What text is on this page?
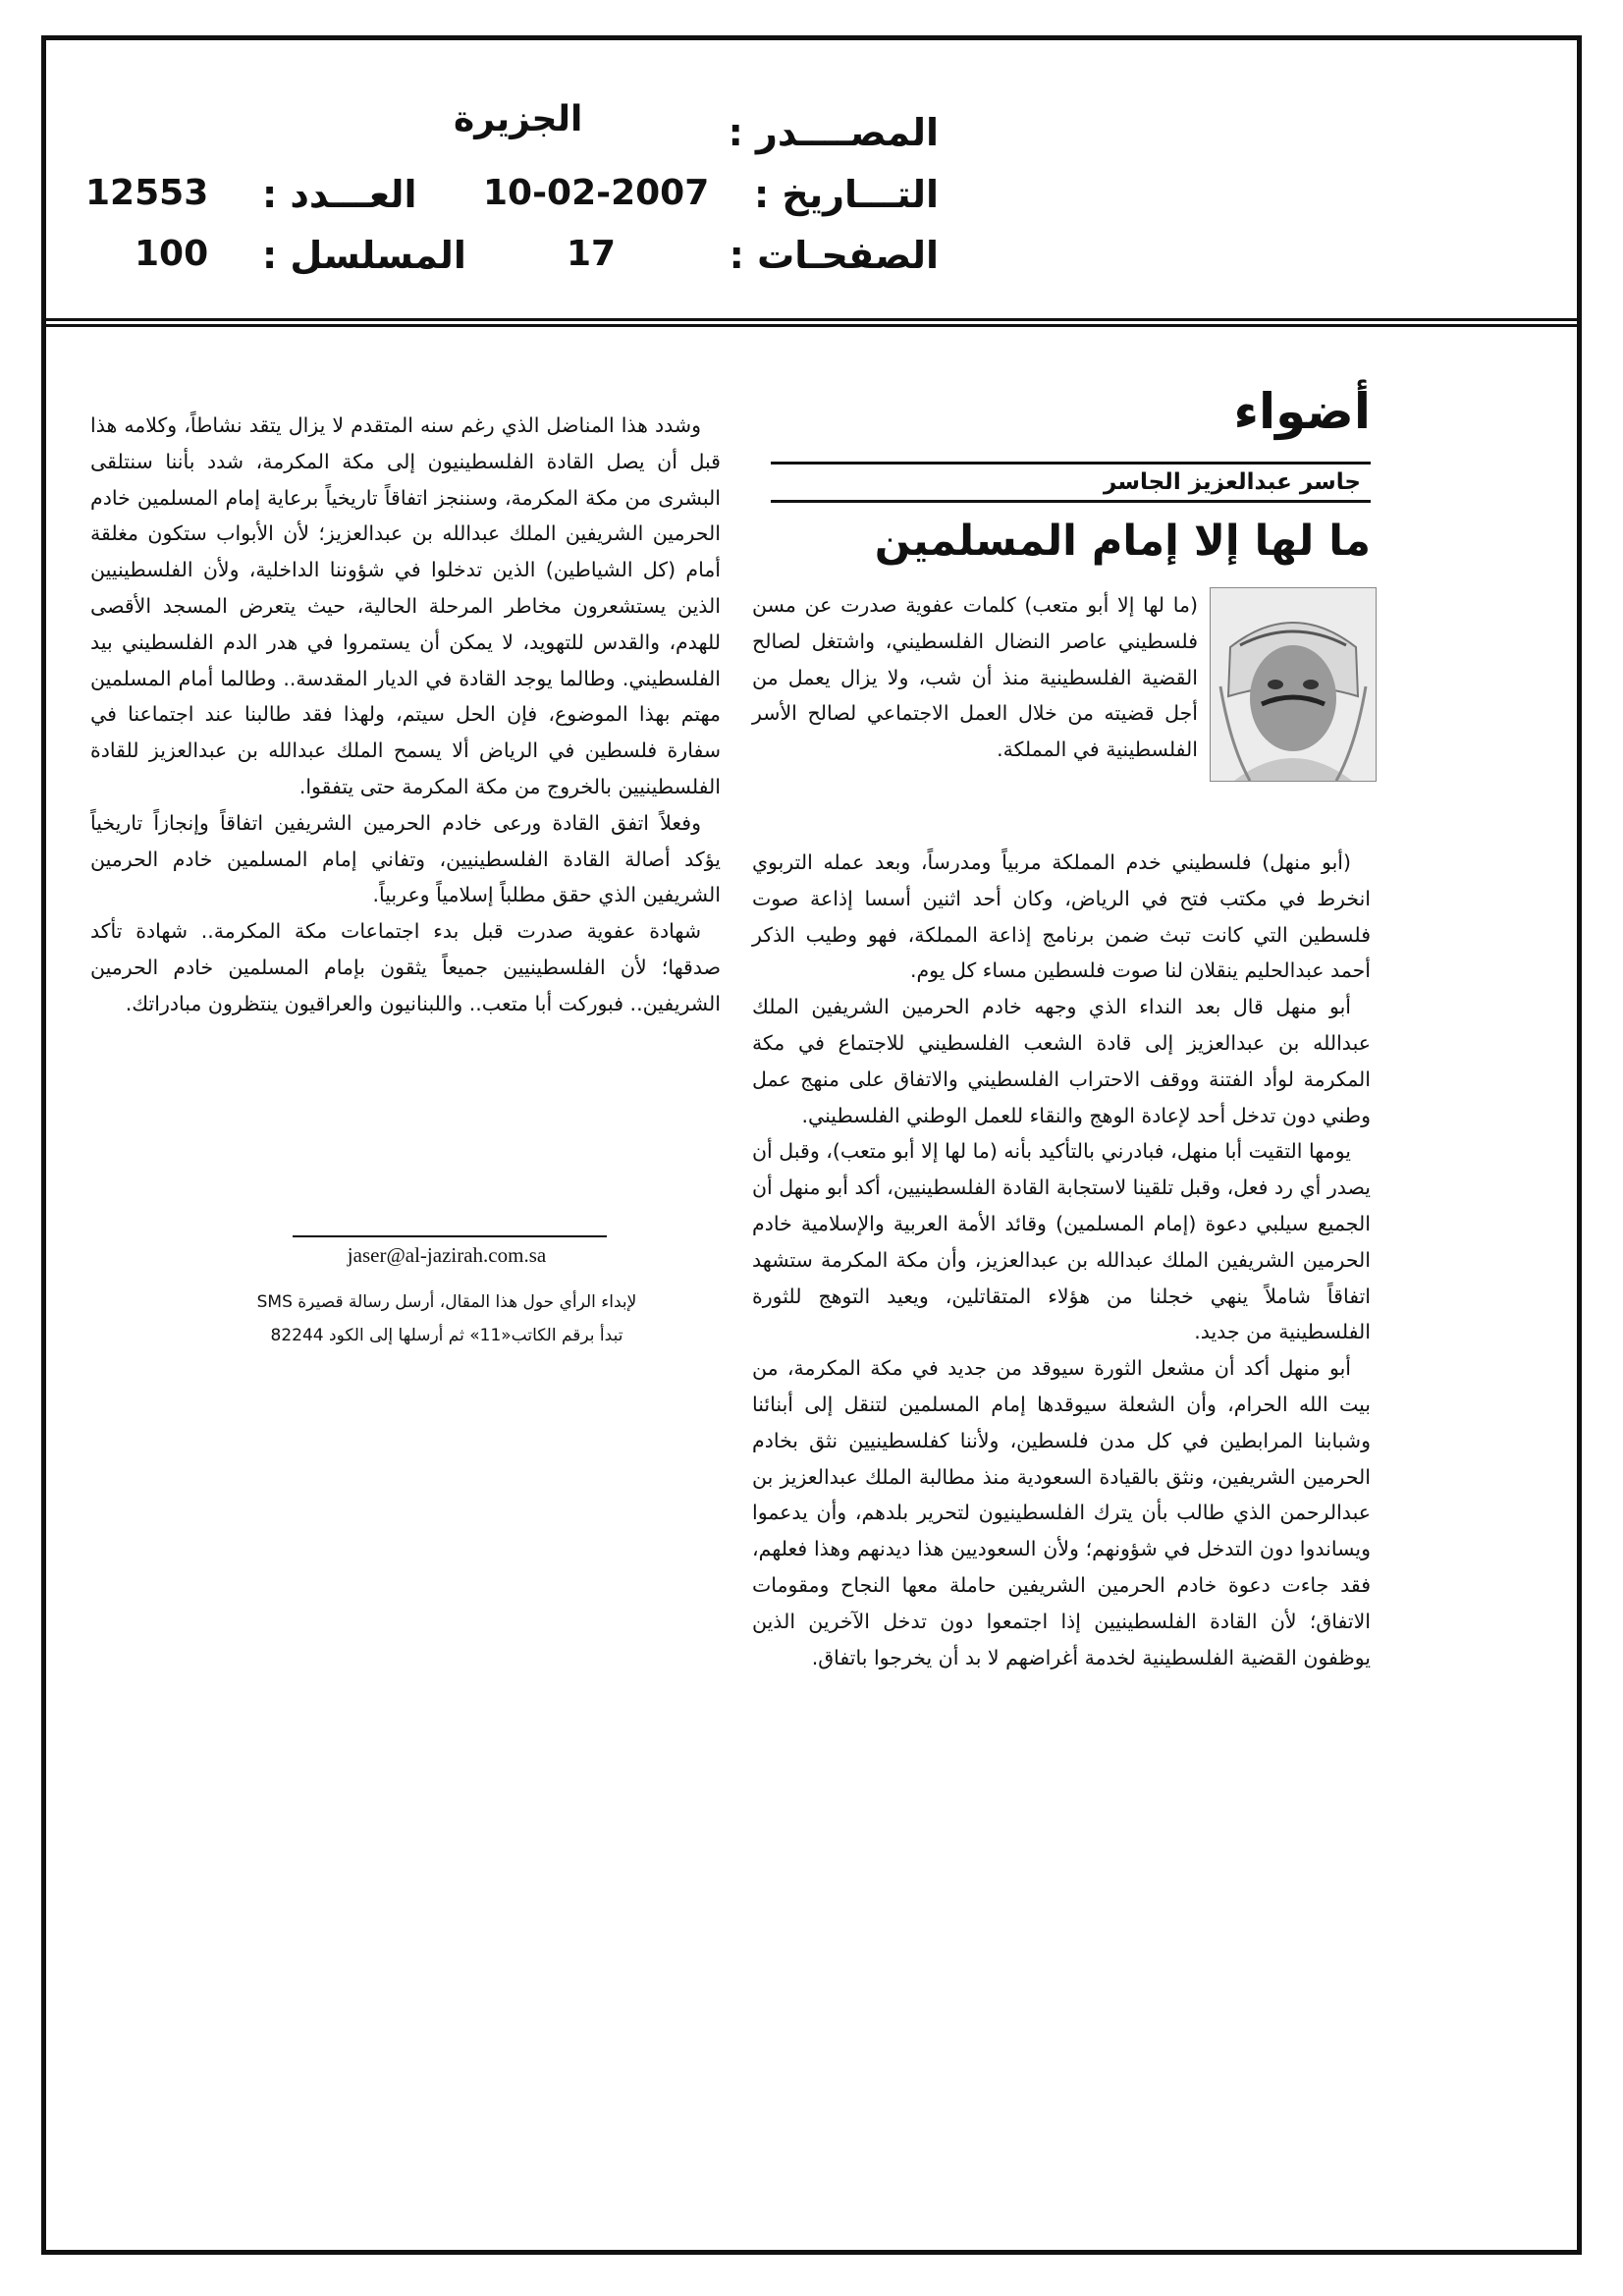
المصــــدر :
التـــاريخ :
الصفحـات :
الجزيرة
10-02-2007
17
العـــدد :
المسلسل :
12553
100
أضواء
جاسر عبدالعزيز الجاسر
ما لها إلا إمام المسلمين

(ما لها إلا أبو متعب) كلمات عفوية صدرت عن مسن فلسطيني عاصر النضال الفلسطيني، واشتغل لصالح القضية الفلسطينية منذ أن شب، ولا يزال يعمل من أجل قضيته من خلال العمل الاجتماعي لصالح الأسر الفلسطينية في المملكة.

(أبو منهل) فلسطيني خدم المملكة مربياً ومدرساً، وبعد عمله التربوي انخرط في مكتب فتح في الرياض، وكان أحد اثنين أسسا إذاعة صوت فلسطين التي كانت تبث ضمن برنامج إذاعة المملكة، فهو وطيب الذكر أحمد عبدالحليم ينقلان لنا صوت فلسطين مساء كل يوم.

أبو منهل قال بعد النداء الذي وجهه خادم الحرمين الشريفين الملك عبدالله بن عبدالعزيز إلى قادة الشعب الفلسطيني للاجتماع في مكة المكرمة لوأد الفتنة ووقف الاحتراب الفلسطيني والاتفاق على منهج عمل وطني دون تدخل أحد لإعادة الوهج والنقاء للعمل الوطني الفلسطيني.

يومها التقيت أبا منهل، فبادرني بالتأكيد بأنه (ما لها إلا أبو متعب)، وقبل أن يصدر أي رد فعل، وقبل تلقينا لاستجابة القادة الفلسطينيين، أكد أبو منهل أن الجميع سيلبي دعوة (إمام المسلمين) وقائد الأمة العربية والإسلامية خادم الحرمين الشريفين الملك عبدالله بن عبدالعزيز، وأن مكة المكرمة ستشهد اتفاقاً شاملاً ينهي خجلنا من هؤلاء المتقاتلين، ويعيد التوهج للثورة الفلسطينية من جديد.

أبو منهل أكد أن مشعل الثورة سيوقد من جديد في مكة المكرمة، من بيت الله الحرام، وأن الشعلة سيوقدها إمام المسلمين لتنقل إلى أبنائنا وشبابنا المرابطين في كل مدن فلسطين، ولأننا كفلسطينيين نثق بخادم الحرمين الشريفين، ونثق بالقيادة السعودية منذ مطالبة الملك عبدالعزيز بن عبدالرحمن الذي طالب بأن يترك الفلسطينيون لتحرير بلدهم، وأن يدعموا ويساندوا دون التدخل في شؤونهم؛ ولأن السعوديين هذا ديدنهم وهذا فعلهم، فقد جاءت دعوة خادم الحرمين الشريفين حاملة معها النجاح ومقومات الاتفاق؛ لأن القادة الفلسطينيين إذا اجتمعوا دون تدخل الآخرين الذين يوظفون القضية الفلسطينية لخدمة أغراضهم لا بد أن يخرجوا باتفاق.

وشدد هذا المناضل الذي رغم سنه المتقدم لا يزال يتقد نشاطاً، وكلامه هذا قبل أن يصل القادة الفلسطينيون إلى مكة المكرمة، شدد بأننا سنتلقى البشرى من مكة المكرمة، وسننجز اتفاقاً تاريخياً برعاية إمام المسلمين خادم الحرمين الشريفين الملك عبدالله بن عبدالعزيز؛ لأن الأبواب ستكون مغلقة أمام (كل الشياطين) الذين تدخلوا في شؤوننا الداخلية، ولأن الفلسطينيين الذين يستشعرون مخاطر المرحلة الحالية، حيث يتعرض المسجد الأقصى للهدم، والقدس للتهويد، لا يمكن أن يستمروا في هدر الدم الفلسطيني بيد الفلسطيني. وطالما يوجد القادة في الديار المقدسة.. وطالما أمام المسلمين مهتم بهذا الموضوع، فإن الحل سيتم، ولهذا فقد طالبنا عند اجتماعنا في سفارة فلسطين في الرياض ألا يسمح الملك عبدالله بن عبدالعزيز للقادة الفلسطينيين بالخروج من مكة المكرمة حتى يتفقوا.

وفعلاً اتفق القادة ورعى خادم الحرمين الشريفين اتفاقاً وإنجازاً تاريخياً يؤكد أصالة القادة الفلسطينيين، وتفاني إمام المسلمين خادم الحرمين الشريفين الذي حقق مطلباً إسلامياً وعربياً.

شهادة عفوية صدرت قبل بدء اجتماعات مكة المكرمة.. شهادة تأكد صدقها؛ لأن الفلسطينيين جميعاً يثقون بإمام المسلمين خادم الحرمين الشريفين.. فبوركت أبا متعب.. واللبنانيون والعراقيون ينتظرون مبادراتك.

jaser@al-jazirah.com.sa
لإبداء الرأي حول هذا المقال، أرسل رسالة قصيرة SMS
تبدأ برقم الكاتب«11» ثم أرسلها إلى الكود 82244
